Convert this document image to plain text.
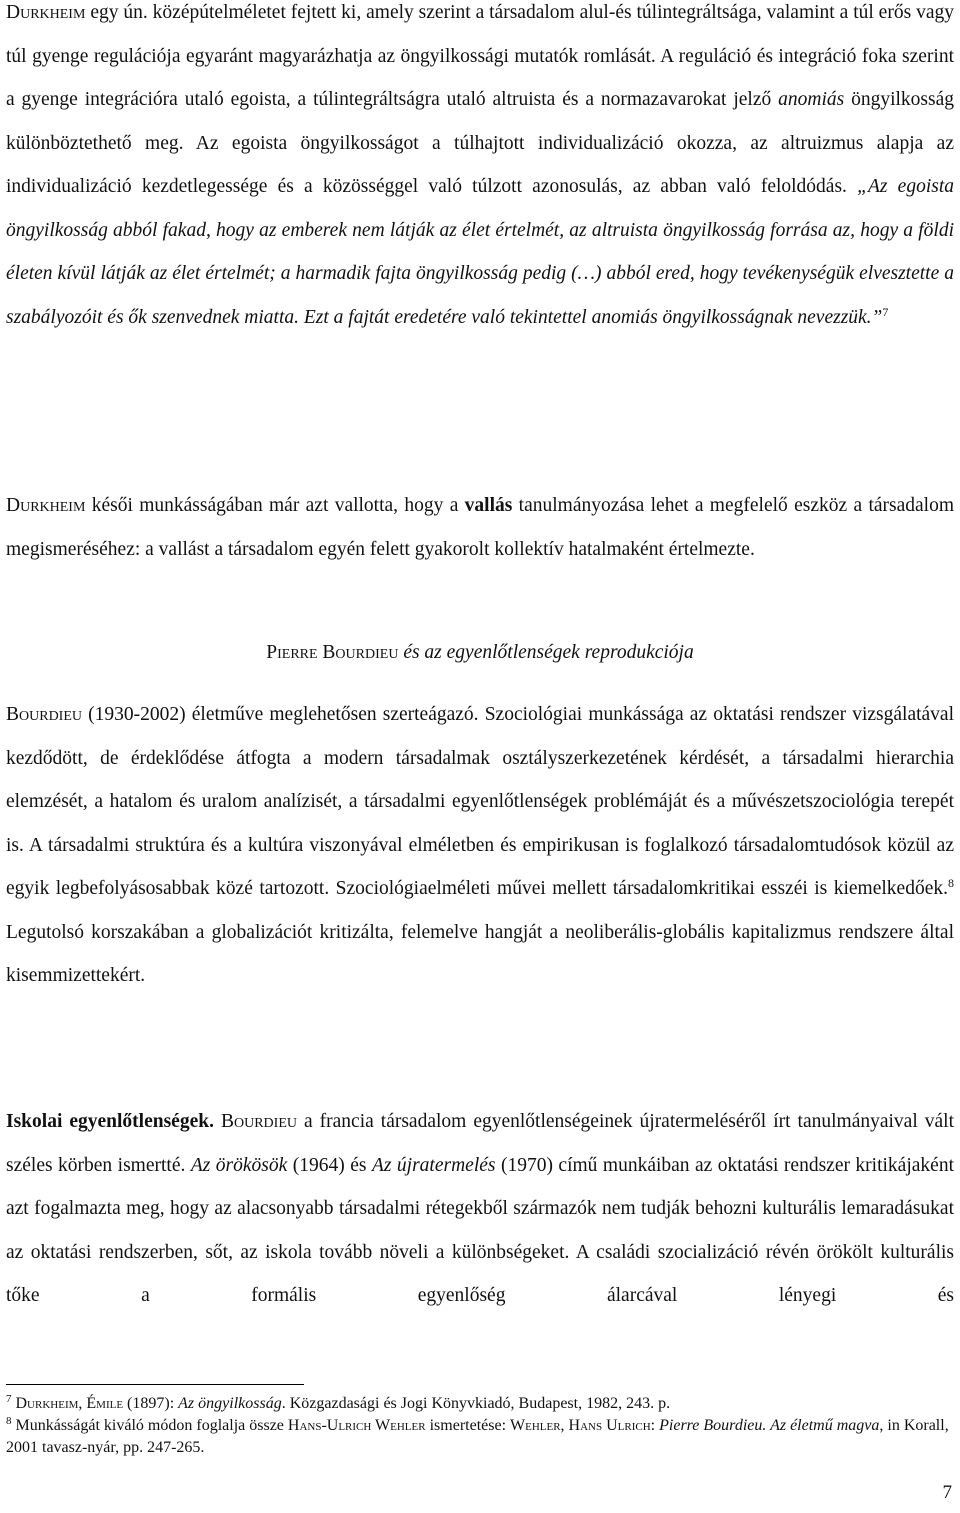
Durkheim egy ún. középútelméletet fejtett ki, amely szerint a társadalom alul-és túlintegráltsága, valamint a túl erős vagy túl gyenge regulációja egyaránt magyarázhatja az öngyilkossági mutatók romlását. A reguláció és integráció foka szerint a gyenge integrációra utaló egoista, a túlintegráltságra utaló altruista és a normazavarokat jelző anomiás öngyilkosság különböztethető meg. Az egoista öngyilkosságot a túlhajtott individualizáció okozza, az altruizmus alapja az individualizáció kezdetlegessége és a közösséggel való túlzott azonosulás, az abban való feloldódás. „Az egoista öngyilkosság abból fakad, hogy az emberek nem látják az élet értelmét, az altruista öngyilkosság forrása az, hogy a földi életen kívül látják az élet értelmét; a harmadik fajta öngyilkosság pedig (…) abból ered, hogy tevékenységük elvesztette a szabályozóit és ők szenvednek miatta. Ezt a fajtát eredetére való tekintettel anomiás öngyilkosságnak nevezzük.”$^7$

Durkheim késői munkásságában már azt vallotta, hogy a vallás tanulmányozása lehet a megfelelő eszköz a társadalom megismeréséhez: a vallást a társadalom egyén felett gyakorolt kollektív hatalmaként értelmezte.

Pierre Bourdieu és az egyenlőtlenségek reprodukciója

Bourdieu (1930-2002) életműve meglehetősen szerteágazó. Szociológiai munkássága az oktatási rendszer vizsgálatával kezdődött, de érdeklődése átfogta a modern társadalmak osztályszerkezetének kérdését, a társadalmi hierarchia elemzését, a hatalom és uralom analízisét, a társadalmi egyenlőtlenségek problémáját és a művészetszociológia terepét is. A társadalmi struktúra és a kultúra viszonyával elméletben és empirikusan is foglalkozó társadalomtudósok közül az egyik legbefolyásosabbak közé tartozott. Szociológiaelméleti művei mellett társadalomkritikai esszéi is kiemelkedőek.$^8$ Legutolsó korszakában a globalizációt kritizálta, felemelve hangját a neoliberális-globális kapitalizmus rendszere által kisemmizettekért.

Iskolai egyenlőtlenségek. Bourdieu a francia társadalom egyenlőtlenségeinek újratermeléséről írt tanulmányaival vált széles körben ismertté. Az örökösök (1964) és Az újratermelés (1970) című munkáiban az oktatási rendszer kritikájaként azt fogalmazta meg, hogy az alacsonyabb társadalmi rétegekből származók nem tudják behozni kulturális lemaradásukat az oktatási rendszerben, sőt, az iskola tovább növeli a különbségeket. A családi szocializáció révén örökölt kulturális tőke a formális egyenlőség álarcával lényegi és

$^7$ Durkheim, Émile (1897): Az öngyilkosság. Közgazdasági és Jogi Könyvkiadó, Budapest, 1982, 243. p.

$^8$ Munkásságát kiváló módon foglalja össze Hans-Ulrich Wehler ismertetése: Wehler, Hans Ulrich: Pierre Bourdieu. Az életmű magva, in Korall, 2001 tavasz-nyár, pp. 247-265.

7
